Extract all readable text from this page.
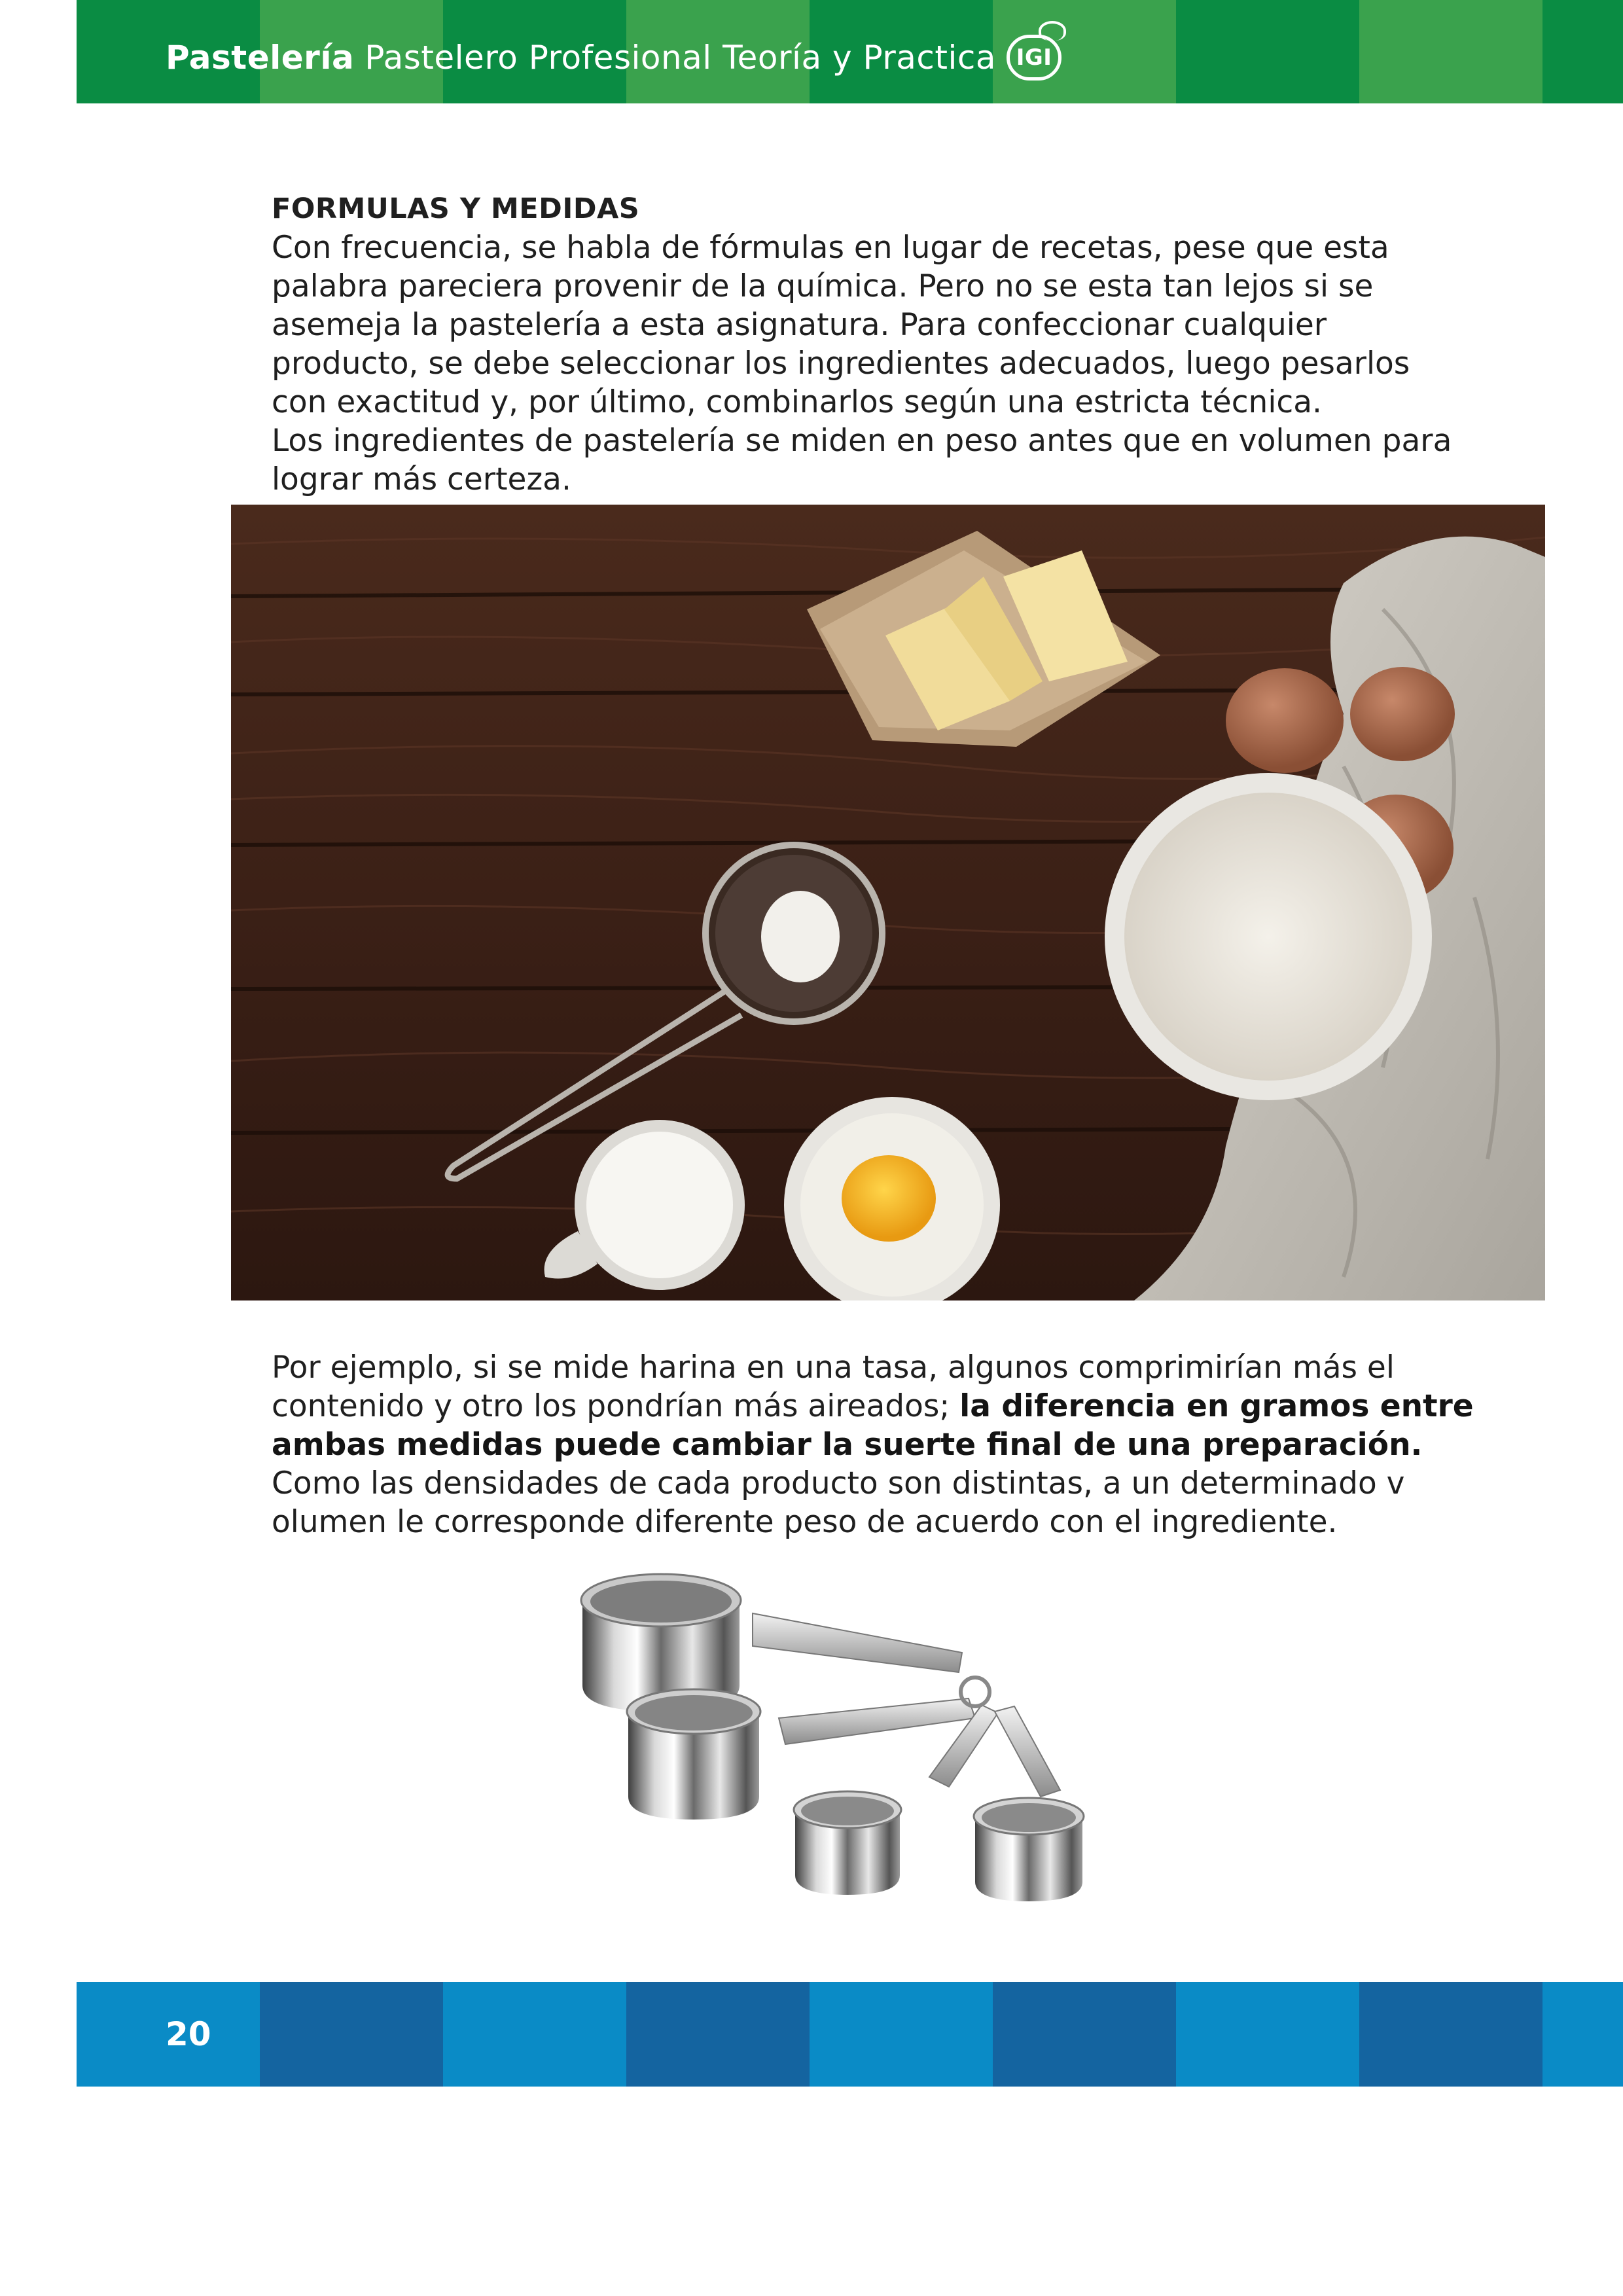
Pastelería Pastelero Profesional Teoría y Practica IGI

FORMULAS Y MEDIDAS

Con frecuencia, se habla de fórmulas en lugar de recetas, pese que esta

palabra pareciera provenir de la química. Pero no se esta tan lejos si se

asemeja la pastelería a esta asignatura. Para confeccionar cualquier

producto, se debe seleccionar los ingredientes adecuados, luego pesarlos

con exactitud y, por último, combinarlos según una estricta técnica.

Los ingredientes de pastelería se miden en peso antes que en volumen para

lograr más certeza.

Por ejemplo, si se mide harina en una tasa, algunos comprimirían más el

contenido y otro los pondrían más aireados; la diferencia en gramos entre

ambas medidas puede cambiar la suerte final de una preparación.

Como las densidades de cada producto son distintas, a un determinado v

olumen le corresponde diferente peso de acuerdo con el ingrediente.

20
